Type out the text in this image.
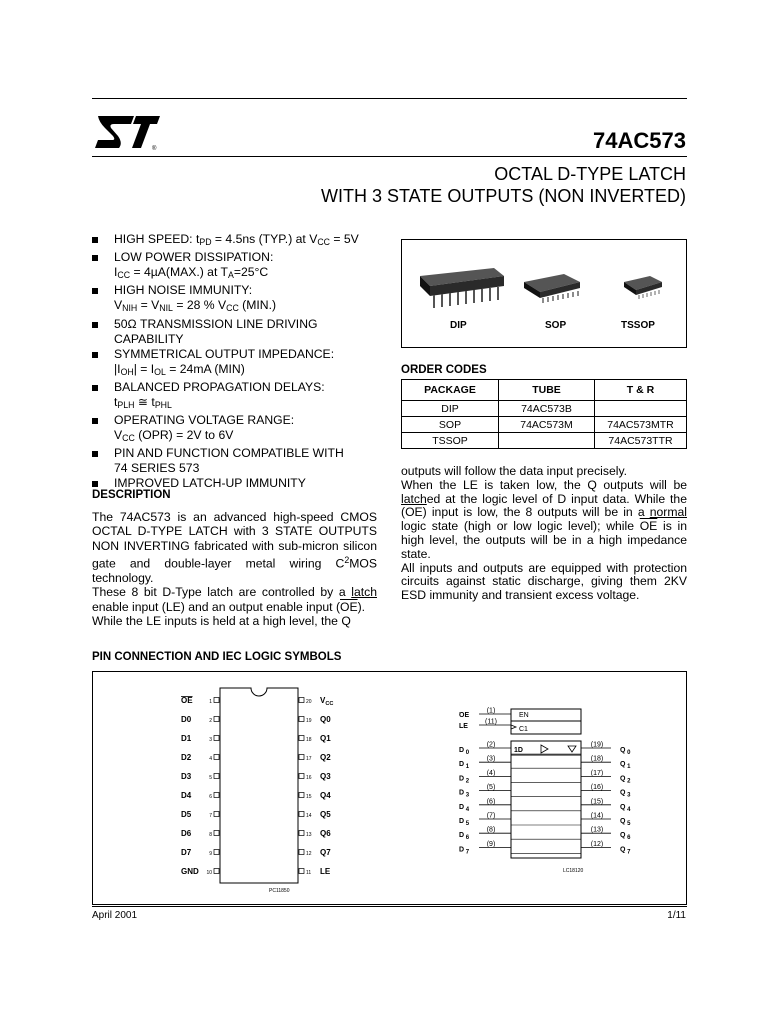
®	74AC573
OCTAL D-TYPE LATCH
WITH 3 STATE OUTPUTS (NON INVERTED)
HIGH SPEED: $t_{PD} = 4.5ns$ (TYP.) at $V_{CC} = 5V$
LOW POWER DISSIPATION:
$I_{CC} = 4\mu A(MAX.)$ at $T_A=25^\circ C$
HIGH NOISE IMMUNITY:
$V_{NIH} = V_{NIL} = 28$ % $V_{CC}$ (MIN.)
50Ω TRANSMISSION LINE DRIVING
CAPABILITY
SYMMETRICAL OUTPUT IMPEDANCE:
$|I_{OH}| = I_{OL} = 24mA$ (MIN)
BALANCED PROPAGATION DELAYS:
$t_{PLH}$ ≅ $t_{PHL}$
OPERATING VOLTAGE RANGE:
$V_{CC}$ (OPR) = 2V to 6V
PIN AND FUNCTION COMPATIBLE WITH
74 SERIES 573
IMPROVED LATCH-UP IMMUNITY
DESCRIPTION
The 74AC573 is an advanced high-speed CMOS OCTAL D-TYPE LATCH with 3 STATE OUTPUTS NON INVERTING fabricated with sub-micron silicon gate and double-layer metal wiring $C^2MOS$ technology.
These 8 bit D-Type latch are controlled by a latch enable input (LE) and an output enable input $(\overline{OE})$.
While the LE inputs is held at a high level, the Q
outputs will follow the data input precisely.
When the LE is taken low, the Q outputs will be latched at the logic level of D input data. While the $(\overline{OE})$ input is low, the 8 outputs will be in a normal logic state (high or low logic level); while $\overline{OE}$ is in high level, the outputs will be in a high impedance state.
All inputs and outputs are equipped with protection circuits against static discharge, giving them 2KV ESD immunity and transient excess voltage.
DIP	SOP	TSSOP
ORDER CODES
PACKAGE	TUBE	T & R
DIP	74AC573B	
SOP	74AC573M	74AC573MTR
TSSOP		74AC573TTR
PIN CONNECTION AND IEC LOGIC SYMBOLS
OE	1
D0	2
D1	3
D2	4
D3	5
D4	6
D5	7
D6	8
D7	9
GND 10
20 $V_{CC}$
19 Q0
18 Q1
17 Q2
16 Q3
15 Q4
14 Q5
13 Q6
12 Q7
11 LE
PC11850
EN
C1
1D
OE
(1)
LE
(11)
D 0
(2)
D 1
(3)
D 2
(4)
D 3
(5)
D 4
(6)
D 5
(7)
D 6
(8)
D 7
(9)
(19)
Q 0
(18)
Q 1
(17)
Q 2
(16)
Q 3
(15)
Q 4
(14)
Q 5
(13)
Q 6
(12)
Q 7
LC18120
April 2001	1/11
